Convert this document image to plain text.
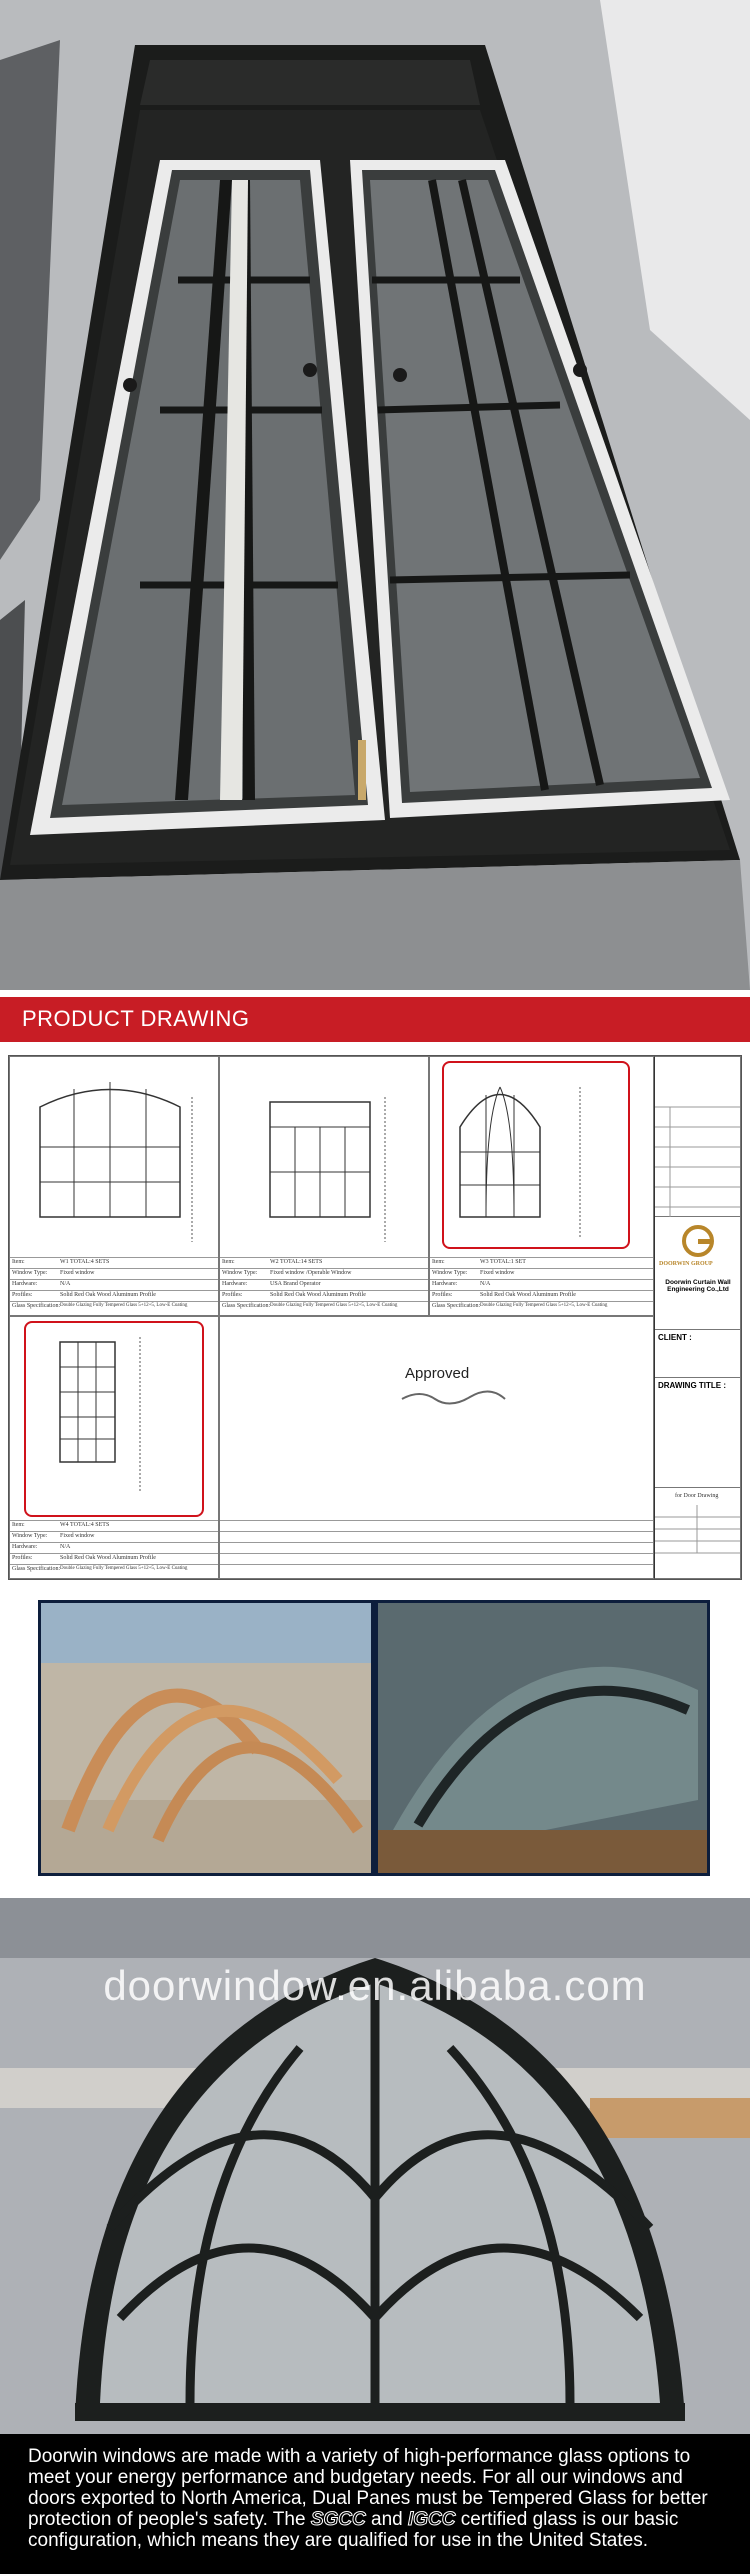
PRODUCT DRAWING
Item:	W1 TOTAL:4 SETS
Window Type: Fixed window
Hardware:	N/A
Profiles:	Solid Red Oak Wood Aluminum Profile
Glass Specification: Double Glazing Fully Tempered Glass 5+12+5, Low-E Coating
Item:	W2 TOTAL:14 SETS
Window Type: Fixed window /Operable Window
Hardware:	USA Brand Operator
Profiles:	Solid Red Oak Wood Aluminum Profile
Glass Specification: Double Glazing Fully Tempered Glass 5+12+5, Low-E Coating
Item:	W3 TOTAL:1 SET
Window Type: Fixed window
Hardware:	N/A
Profiles:	Solid Red Oak Wood Aluminum Profile
Glass Specification: Double Glazing Fully Tempered Glass 5+12+5, Low-E Coating
Item:	W4 TOTAL:4 SETS
Window Type: Fixed window
Hardware:	N/A
Profiles:	Solid Red Oak Wood Aluminum Profile
Glass Specification: Double Glazing Fully Tempered Glass 5+12+5, Low-E Coating
Approved
DOORWIN GROUP
Doorwin Curtain Wall Engineering Co.,Ltd
CLIENT :
DRAWING TITLE :
for Door Drawing
doorwindow.en.alibaba.com
Doorwin windows are made with a variety of high-performance glass options to meet your energy performance and budgetary needs. For all our windows and doors exported to North America, Dual Panes must be Tempered Glass for better protection of people's safety. The SGCC and IGCC certified glass is our basic configuration, which means they are qualified for use in the United States.
